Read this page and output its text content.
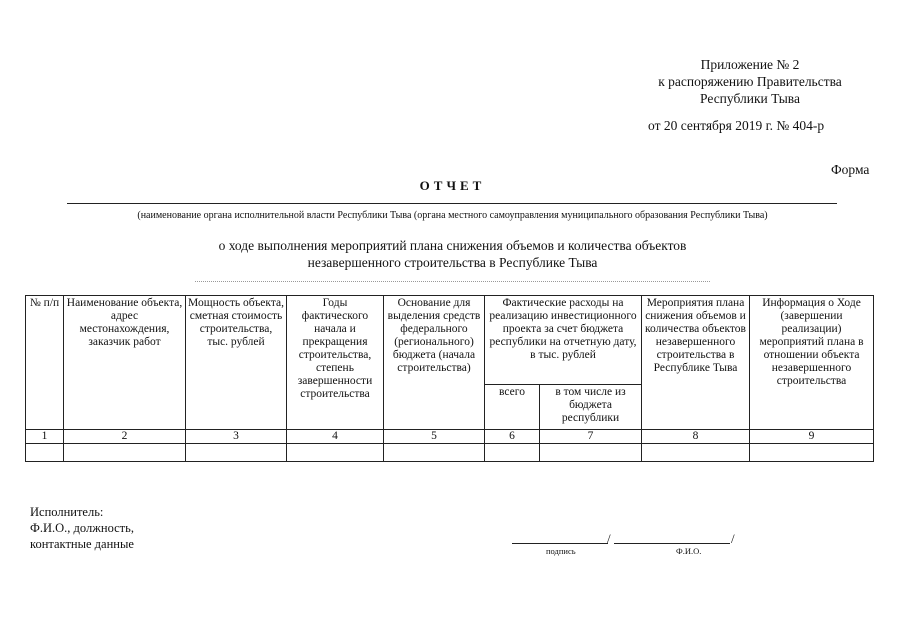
Приложение № 2
к распоряжению Правительства
Республики Тыва
от 20 сентября 2019 г. № 404-р
Форма
ОТЧЕТ
(наименование органа исполнительной власти Республики Тыва (органа местного самоуправления муниципального образования Республики Тыва)
о ходе выполнения мероприятий плана снижения объемов и количества объектов
незавершенного строительства в Республике Тыва
№ п/п	Наименование объекта, адрес местонахождения, заказчик работ	Мощность объекта, сметная стоимость строительства, тыс. рублей	Годы фактического начала и прекращения строительства, степень завершенности строительства	Основание для выделения средств федерального (регионального) бюджета (начала строительства)	Фактические расходы на реализацию инвестиционного проекта за счет бюджета республики на отчетную дату, в тыс. рублей		Мероприятия плана снижения объемов и количества объектов незавершенного строительства в Республике Тыва	Информация о Ходе (завершении реализации) мероприятий плана в отношении объекта незавершенного строительства
					всего	в том числе из бюджета республики		
1	2	3	4	5	6	7	8	9

Исполнитель:
Ф.И.О., должность,
контактные данные	/	/
подпись	Ф.И.О.
